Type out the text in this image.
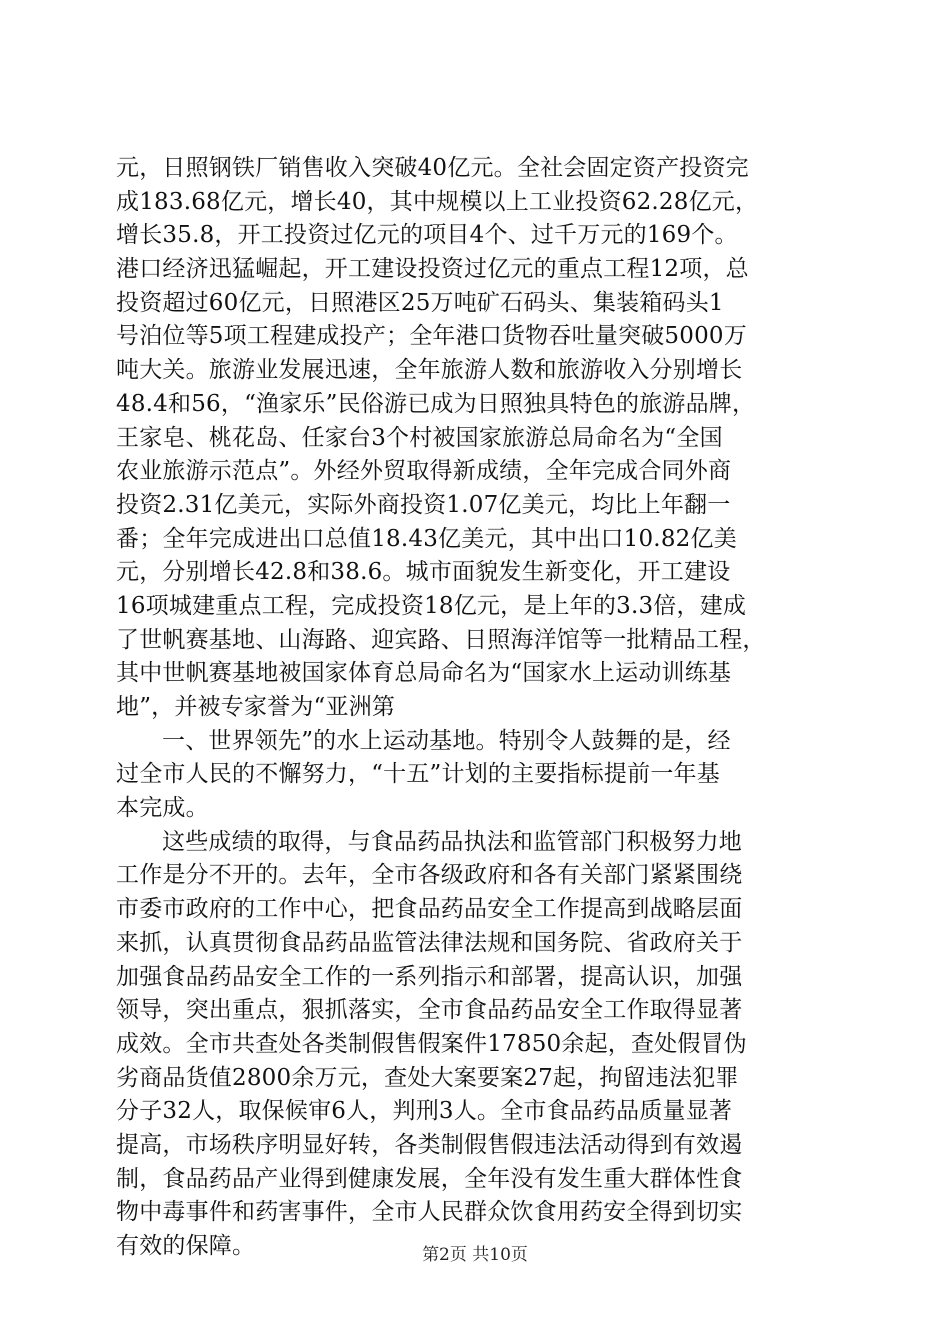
元，日照钢铁厂销售收入突破40亿元。全社会固定资产投资完
成183.68亿元，增长40，其中规模以上工业投资62.28亿元，
增长35.8，开工投资过亿元的项目4个、过千万元的169个。
港口经济迅猛崛起，开工建设投资过亿元的重点工程12项，总
投资超过60亿元，日照港区25万吨矿石码头、集装箱码头1
号泊位等5项工程建成投产；全年港口货物吞吐量突破5000万
吨大关。旅游业发展迅速，全年旅游人数和旅游收入分别增长
48.4和56，“渔家乐”民俗游已成为日照独具特色的旅游品牌，
王家皂、桃花岛、任家台3个村被国家旅游总局命名为“全国
农业旅游示范点”。外经外贸取得新成绩，全年完成合同外商
投资2.31亿美元，实际外商投资1.07亿美元，均比上年翻一
番；全年完成进出口总值18.43亿美元，其中出口10.82亿美
元，分别增长42.8和38.6。城市面貌发生新变化，开工建设
16项城建重点工程，完成投资18亿元，是上年的3.3倍，建成
了世帆赛基地、山海路、迎宾路、日照海洋馆等一批精品工程，
其中世帆赛基地被国家体育总局命名为“国家水上运动训练基
地”，并被专家誉为“亚洲第
一、世界领先”的水上运动基地。特别令人鼓舞的是，经
过全市人民的不懈努力，“十五”计划的主要指标提前一年基
本完成。
这些成绩的取得，与食品药品执法和监管部门积极努力地
工作是分不开的。去年，全市各级政府和各有关部门紧紧围绕
市委市政府的工作中心，把食品药品安全工作提高到战略层面
来抓，认真贯彻食品药品监管法律法规和国务院、省政府关于
加强食品药品安全工作的一系列指示和部署，提高认识，加强
领导，突出重点，狠抓落实，全市食品药品安全工作取得显著
成效。全市共查处各类制假售假案件17850余起，查处假冒伪
劣商品货值2800余万元，查处大案要案27起，拘留违法犯罪
分子32人，取保候审6人，判刑3人。全市食品药品质量显著
提高，市场秩序明显好转，各类制假售假违法活动得到有效遏
制，食品药品产业得到健康发展，全年没有发生重大群体性食
物中毒事件和药害事件，全市人民群众饮食用药安全得到切实
有效的保障。	第2页 共10页
